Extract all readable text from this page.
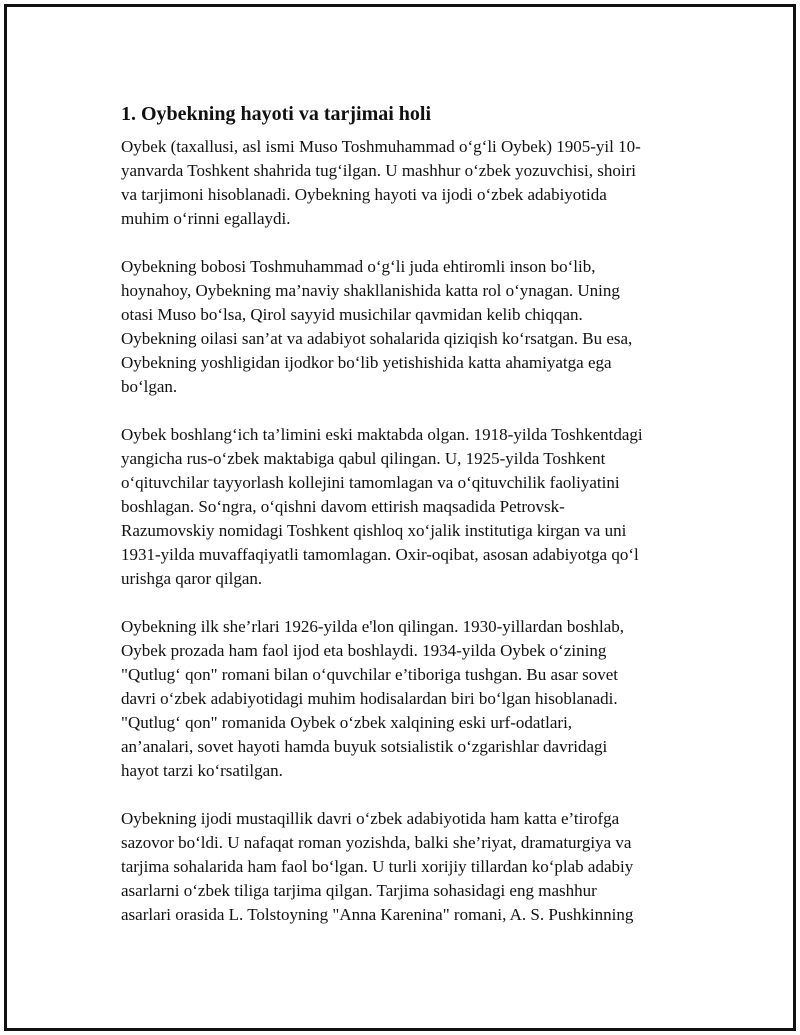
1. Oybekning hayoti va tarjimai holi

Oybek (taxallusi, asl ismi Muso Toshmuhammad o‘g‘li Oybek) 1905-yil 10-
yanvarda Toshkent shahrida tug‘ilgan. U mashhur o‘zbek yozuvchisi, shoiri
va tarjimoni hisoblanadi. Oybekning hayoti va ijodi o‘zbek adabiyotida
muhim o‘rinni egallaydi.

Oybekning bobosi Toshmuhammad o‘g‘li juda ehtiromli inson bo‘lib,
hoynahoy, Oybekning ma’naviy shakllanishida katta rol o‘ynagan. Uning
otasi Muso bo‘lsa, Qirol sayyid musichilar qavmidan kelib chiqqan.
Oybekning oilasi san’at va adabiyot sohalarida qiziqish ko‘rsatgan. Bu esa,
Oybekning yoshligidan ijodkor bo‘lib yetishishida katta ahamiyatga ega
bo‘lgan.

Oybek boshlang‘ich ta’limini eski maktabda olgan. 1918-yilda Toshkentdagi
yangicha rus-o‘zbek maktabiga qabul qilingan. U, 1925-yilda Toshkent
o‘qituvchilar tayyorlash kollejini tamomlagan va o‘qituvchilik faoliyatini
boshlagan. So‘ngra, o‘qishni davom ettirish maqsadida Petrovsk-
Razumovskiy nomidagi Toshkent qishloq xo‘jalik institutiga kirgan va uni
1931-yilda muvaffaqiyatli tamomlagan. Oxir-oqibat, asosan adabiyotga qo‘l
urishga qaror qilgan.

Oybekning ilk she’rlari 1926-yilda e'lon qilingan. 1930-yillardan boshlab,
Oybek prozada ham faol ijod eta boshlaydi. 1934-yilda Oybek o‘zining
"Qutlug‘ qon" romani bilan o‘quvchilar e’tiboriga tushgan. Bu asar sovet
davri o‘zbek adabiyotidagi muhim hodisalardan biri bo‘lgan hisoblanadi.
"Qutlug‘ qon" romanida Oybek o‘zbek xalqining eski urf-odatlari,
an’analari, sovet hayoti hamda buyuk sotsialistik o‘zgarishlar davridagi
hayot tarzi ko‘rsatilgan.

Oybekning ijodi mustaqillik davri o‘zbek adabiyotida ham katta e’tirofga
sazovor bo‘ldi. U nafaqat roman yozishda, balki she’riyat, dramaturgiya va
tarjima sohalarida ham faol bo‘lgan. U turli xorijiy tillardan ko‘plab adabiy
asarlarni o‘zbek tiliga tarjima qilgan. Tarjima sohasidagi eng mashhur
asarlari orasida L. Tolstoyning "Anna Karenina" romani, A. S. Pushkinning
